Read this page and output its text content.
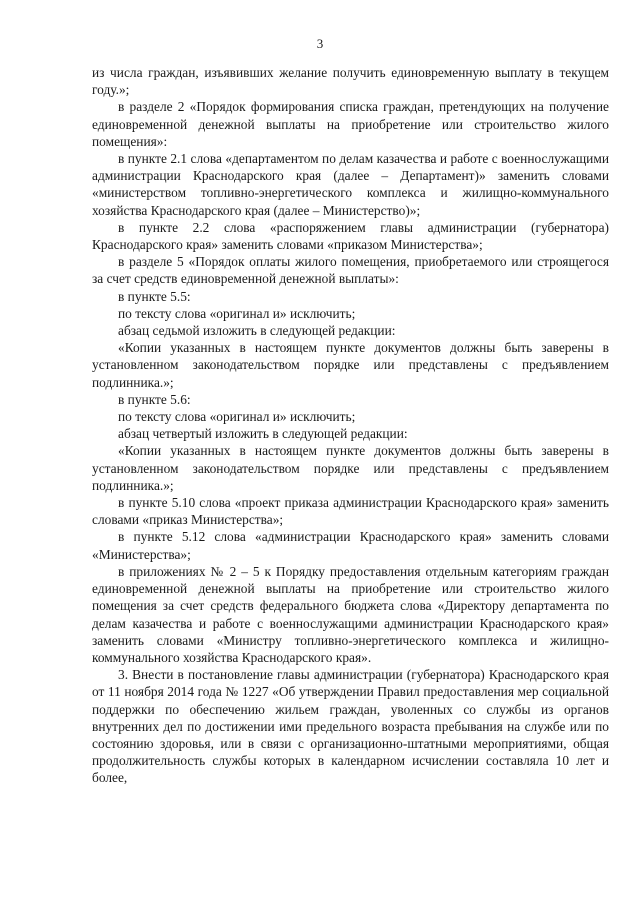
3

из числа граждан, изъявивших желание получить единовременную выплату в текущем году.»;

в разделе 2 «Порядок формирования списка граждан, претендующих на получение единовременной денежной выплаты на приобретение или строительство жилого помещения»:

в пункте 2.1 слова «департаментом по делам казачества и работе с военнослужащими администрации Краснодарского края (далее – Департамент)» заменить словами «министерством топливно-энергетического комплекса и жилищно-коммунального хозяйства Краснодарского края (далее – Министерство)»;

в пункте 2.2 слова «распоряжением главы администрации (губернатора) Краснодарского края» заменить словами «приказом Министерства»;

в разделе 5 «Порядок оплаты жилого помещения, приобретаемого или строящегося за счет средств единовременной денежной выплаты»:

в пункте 5.5:

по тексту слова «оригинал и» исключить;

абзац седьмой изложить в следующей редакции:

«Копии указанных в настоящем пункте документов должны быть заверены в установленном законодательством порядке или представлены с предъявлением подлинника.»;

в пункте 5.6:

по тексту слова «оригинал и» исключить;

абзац четвертый изложить в следующей редакции:

«Копии указанных в настоящем пункте документов должны быть заверены в установленном законодательством порядке или представлены с предъявлением подлинника.»;

в пункте 5.10 слова «проект приказа администрации Краснодарского края» заменить словами «приказ Министерства»;

в пункте 5.12 слова «администрации Краснодарского края» заменить словами «Министерства»;

в приложениях № 2 – 5 к Порядку предоставления отдельным категориям граждан единовременной денежной выплаты на приобретение или строительство жилого помещения за счет средств федерального бюджета слова «Директору департамента по делам казачества и работе с военнослужащими администрации Краснодарского края» заменить словами «Министру топливно-энергетического комплекса и жилищно-коммунального хозяйства Краснодарского края».

3. Внести в постановление главы администрации (губернатора) Краснодарского края от 11 ноября 2014 года № 1227 «Об утверждении Правил предоставления мер социальной поддержки по обеспечению жильем граждан, уволенных со службы из органов внутренних дел по достижении ими предельного возраста пребывания на службе или по состоянию здоровья, или в связи с организационно-штатными мероприятиями, общая продолжительность службы которых в календарном исчислении составляла 10 лет и более,
